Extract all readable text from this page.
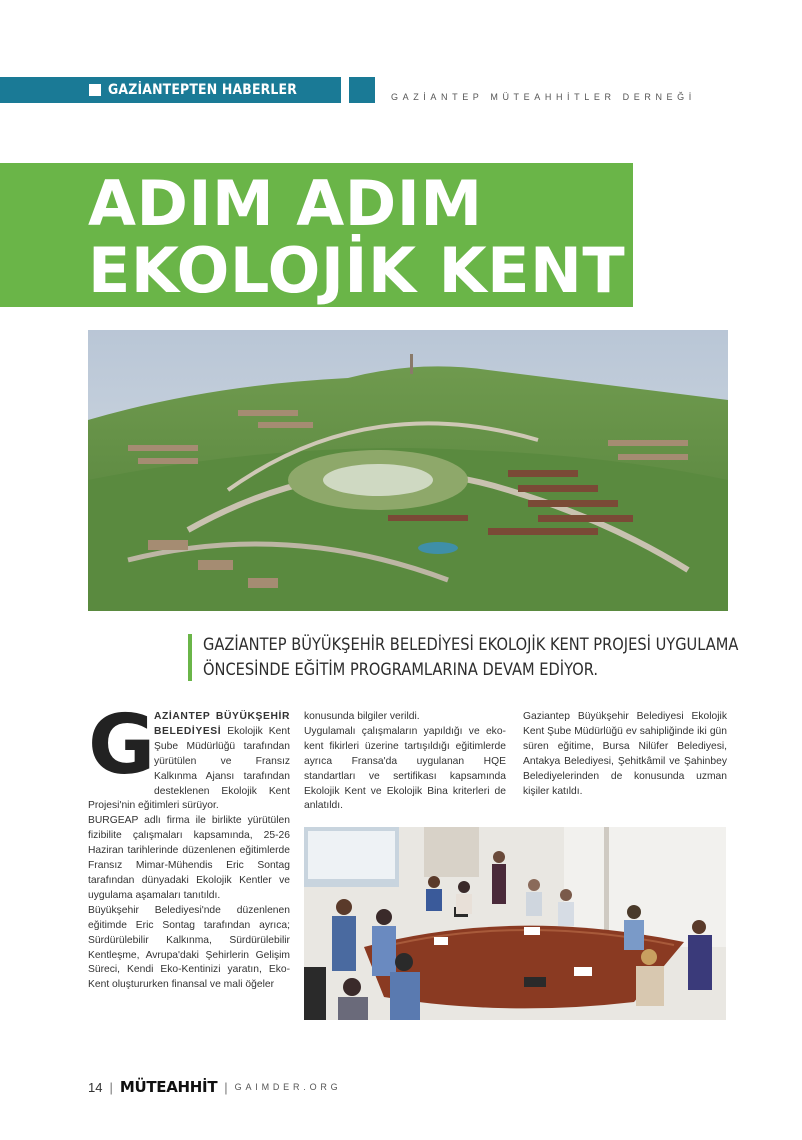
GAZİANTEPTEN HABERLER	GAZİANTEP MÜTEAHHİTLER DERNEĞİ
ADIM ADIM
EKOLOJİK KENT
GAZİANTEP BÜYÜKŞEHİR BELEDİYESİ EKOLOJİK KENT PROJESİ UYGULAMA
ÖNCESİNDE EĞİTİM PROGRAMLARINA DEVAM EDİYOR.
G

AZİANTEP BÜYÜKŞEHİR BELEDİYESİ Ekolojik Kent Şube Müdürlüğü tarafından yürütülen ve Fransız Kalkınma Ajansı tarafından desteklenen Ekolojik Kent Projesi'nin eğitimleri sürüyor.

BURGEAP adlı firma ile birlikte yürütülen fizibilite çalışmaları kapsamında, 25-26 Haziran tarihlerinde düzenlenen eğitimlerde Fransız Mimar-Mühendis Eric Sontag tarafından dünyadaki Ekolojik Kentler ve uygulama aşamaları tanıtıldı.

Büyükşehir Belediyesi'nde düzenlenen eğitimde Eric Sontag tarafından ayrıca; Sürdürülebilir Kalkınma, Sürdürülebilir Kentleşme, Avrupa'daki Şehirlerin Gelişim Süreci, Kendi Eko-Kentinizi yaratın, Eko-Kent oluştururken finansal ve mali öğeler

konusunda bilgiler verildi.

Uygulamalı çalışmaların yapıldığı ve eko-kent fikirleri üzerine tartışıldığı eğitimlerde ayrıca Fransa'da uygulanan HQE standartları ve sertifikası kapsamında Ekolojik Kent ve Ekolojik Bina kriterleri de anlatıldı.

Gaziantep Büyükşehir Belediyesi Ekolojik Kent Şube Müdürlüğü ev sahipliğinde iki gün süren eğitime, Bursa Nilüfer Belediyesi, Antakya Belediyesi, Şehitkâmil ve Şahinbey Belediyelerinden de konusunda uzman kişiler katıldı.

14 | MÜTEAHHİT | GAIMDER.ORG
